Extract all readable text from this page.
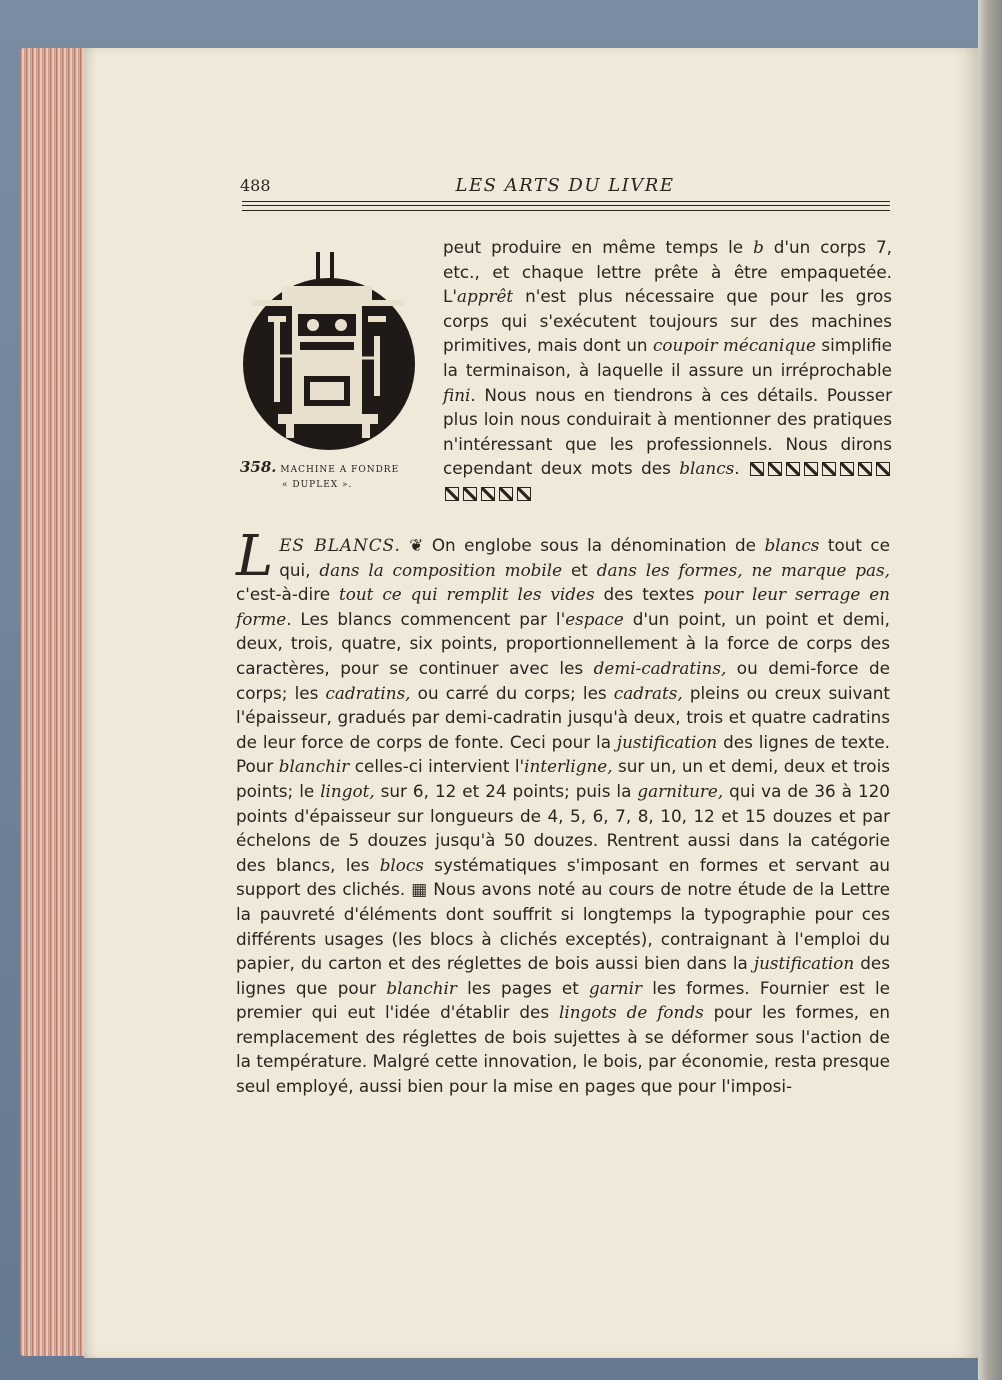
488	LES ARTS DU LIVRE
358. MACHINE A FONDRE
« DUPLEX ».
peut produire en même temps le b d'un corps 7, etc., et chaque lettre prête à être empaquetée. L'apprêt n'est plus nécessaire que pour les gros corps qui s'exécutent toujours sur des machines primitives, mais dont un coupoir mécanique simplifie la terminaison, à laquelle il assure un irréprochable fini. Nous nous en tiendrons à ces détails. Pousser plus loin nous conduirait à mentionner des pratiques n'intéressant que les professionnels. Nous dirons cependant deux mots des blancs.
LES BLANCS. ❦ On englobe sous la dénomination de blancs tout ce qui, dans la composition mobile et dans les formes, ne marque pas, c'est-à-dire tout ce qui remplit les vides des textes pour leur serrage en forme. Les blancs commencent par l'espace d'un point, un point et demi, deux, trois, quatre, six points, proportionnellement à la force de corps des caractères, pour se continuer avec les demi-cadratins, ou demi-force de corps; les cadratins, ou carré du corps; les cadrats, pleins ou creux suivant l'épaisseur, gradués par demi-cadratin jusqu'à deux, trois et quatre cadratins de leur force de corps de fonte. Ceci pour la justification des lignes de texte. Pour blanchir celles-ci intervient l'interligne, sur un, un et demi, deux et trois points; le lingot, sur 6, 12 et 24 points; puis la garniture, qui va de 36 à 120 points d'épaisseur sur longueurs de 4, 5, 6, 7, 8, 10, 12 et 15 douzes et par échelons de 5 douzes jusqu'à 50 douzes. Rentrent aussi dans la catégorie des blancs, les blocs systématiques s'imposant en formes et servant au support des clichés. ▦ Nous avons noté au cours de notre étude de la Lettre la pauvreté d'éléments dont souffrit si longtemps la typographie pour ces différents usages (les blocs à clichés exceptés), contraignant à l'emploi du papier, du carton et des réglettes de bois aussi bien dans la justification des lignes que pour blanchir les pages et garnir les formes. Fournier est le premier qui eut l'idée d'établir des lingots de fonds pour les formes, en remplacement des réglettes de bois sujettes à se déformer sous l'action de la température. Malgré cette innovation, le bois, par économie, resta presque seul employé, aussi bien pour la mise en pages que pour l'imposi-
